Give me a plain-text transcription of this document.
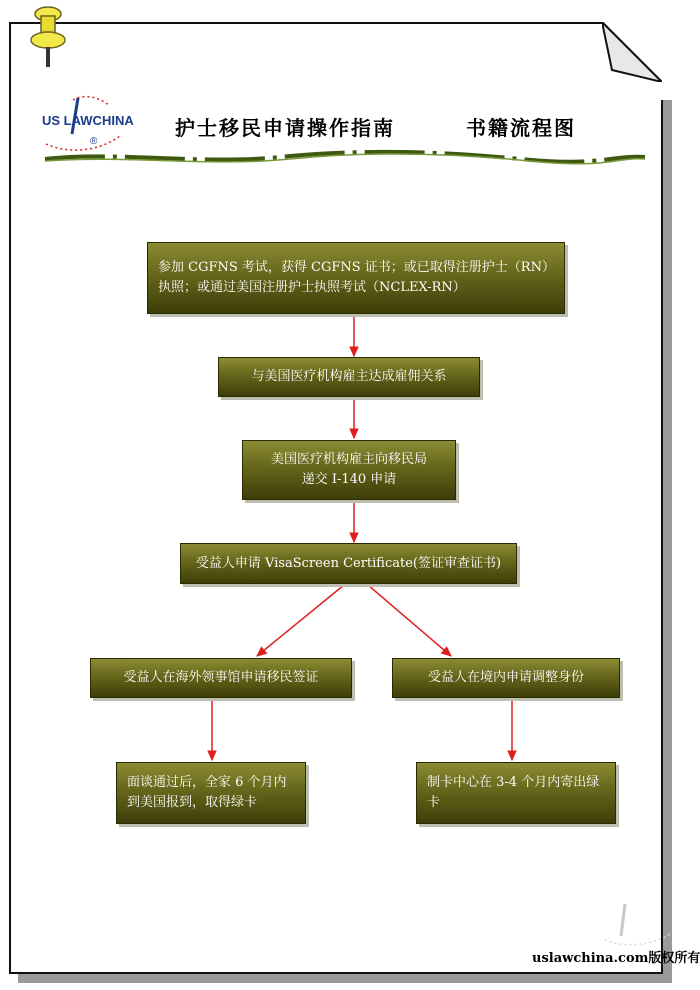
US LAWCHINA
®
护士移民申请操作指南	书籍流程图
参加 CGFNS 考试，获得 CGFNS 证书；或已取得注册护士（RN）执照；或通过美国注册护士执照考试（NCLEX-RN）
与美国医疗机构雇主达成雇佣关系
美国医疗机构雇主向移民局
递交 I-140 申请
受益人申请 VisaScreen Certificate(签证审查证书)
受益人在海外领事馆申请移民签证	受益人在境内申请调整身份
面谈通过后，全家 6 个月内到美国报到，取得绿卡
制卡中心在 3-4 个月内寄出绿卡
uslawchina.com版权所有
